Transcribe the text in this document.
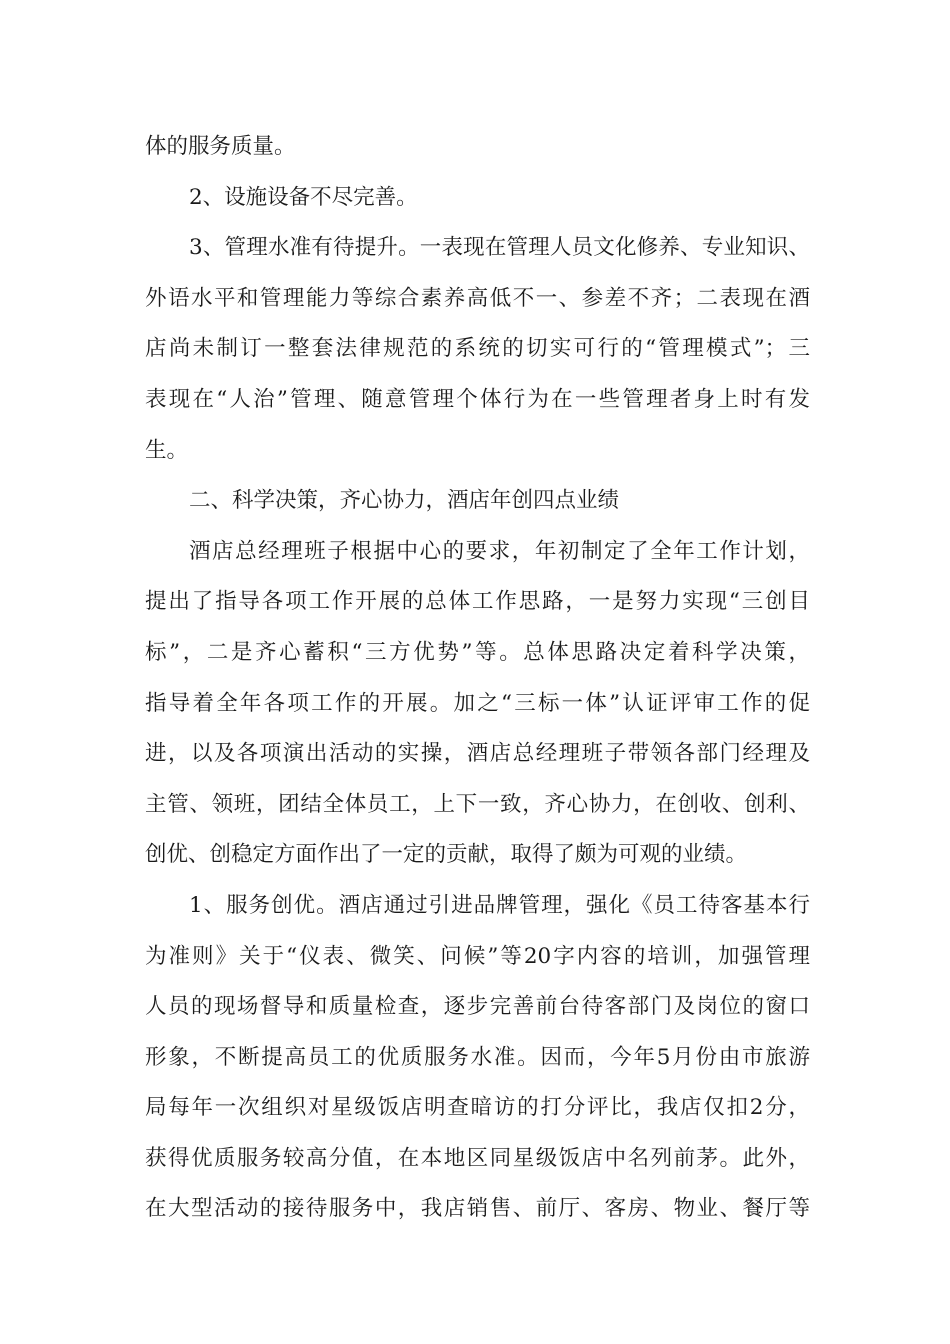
体的服务质量。
2、设施设备不尽完善。
3、管理水准有待提升。一表现在管理人员文化修养、专业知识、
外语水平和管理能力等综合素养高低不一、参差不齐；二表现在酒
店尚未制订一整套法律规范的系统的切实可行的“管理模式”；三
表现在“人治”管理、随意管理个体行为在一些管理者身上时有发
生。
二、科学决策，齐心协力，酒店年创四点业绩
酒店总经理班子根据中心的要求，年初制定了全年工作计划，
提出了指导各项工作开展的总体工作思路，一是努力实现“三创目
标”，二是齐心蓄积“三方优势”等。总体思路决定着科学决策，
指导着全年各项工作的开展。加之“三标一体”认证评审工作的促
进，以及各项演出活动的实操，酒店总经理班子带领各部门经理及
主管、领班，团结全体员工，上下一致，齐心协力，在创收、创利、
创优、创稳定方面作出了一定的贡献，取得了颇为可观的业绩。
1、服务创优。酒店通过引进品牌管理，强化《员工待客基本行
为准则》关于“仪表、微笑、问候”等20字内容的培训，加强管理
人员的现场督导和质量检查，逐步完善前台待客部门及岗位的窗口
形象，不断提高员工的优质服务水准。因而，今年5月份由市旅游
局每年一次组织对星级饭店明查暗访的打分评比，我店仅扣2分，
获得优质服务较高分值，在本地区同星级饭店中名列前茅。此外，
在大型活动的接待服务中，我店销售、前厅、客房、物业、餐厅等
